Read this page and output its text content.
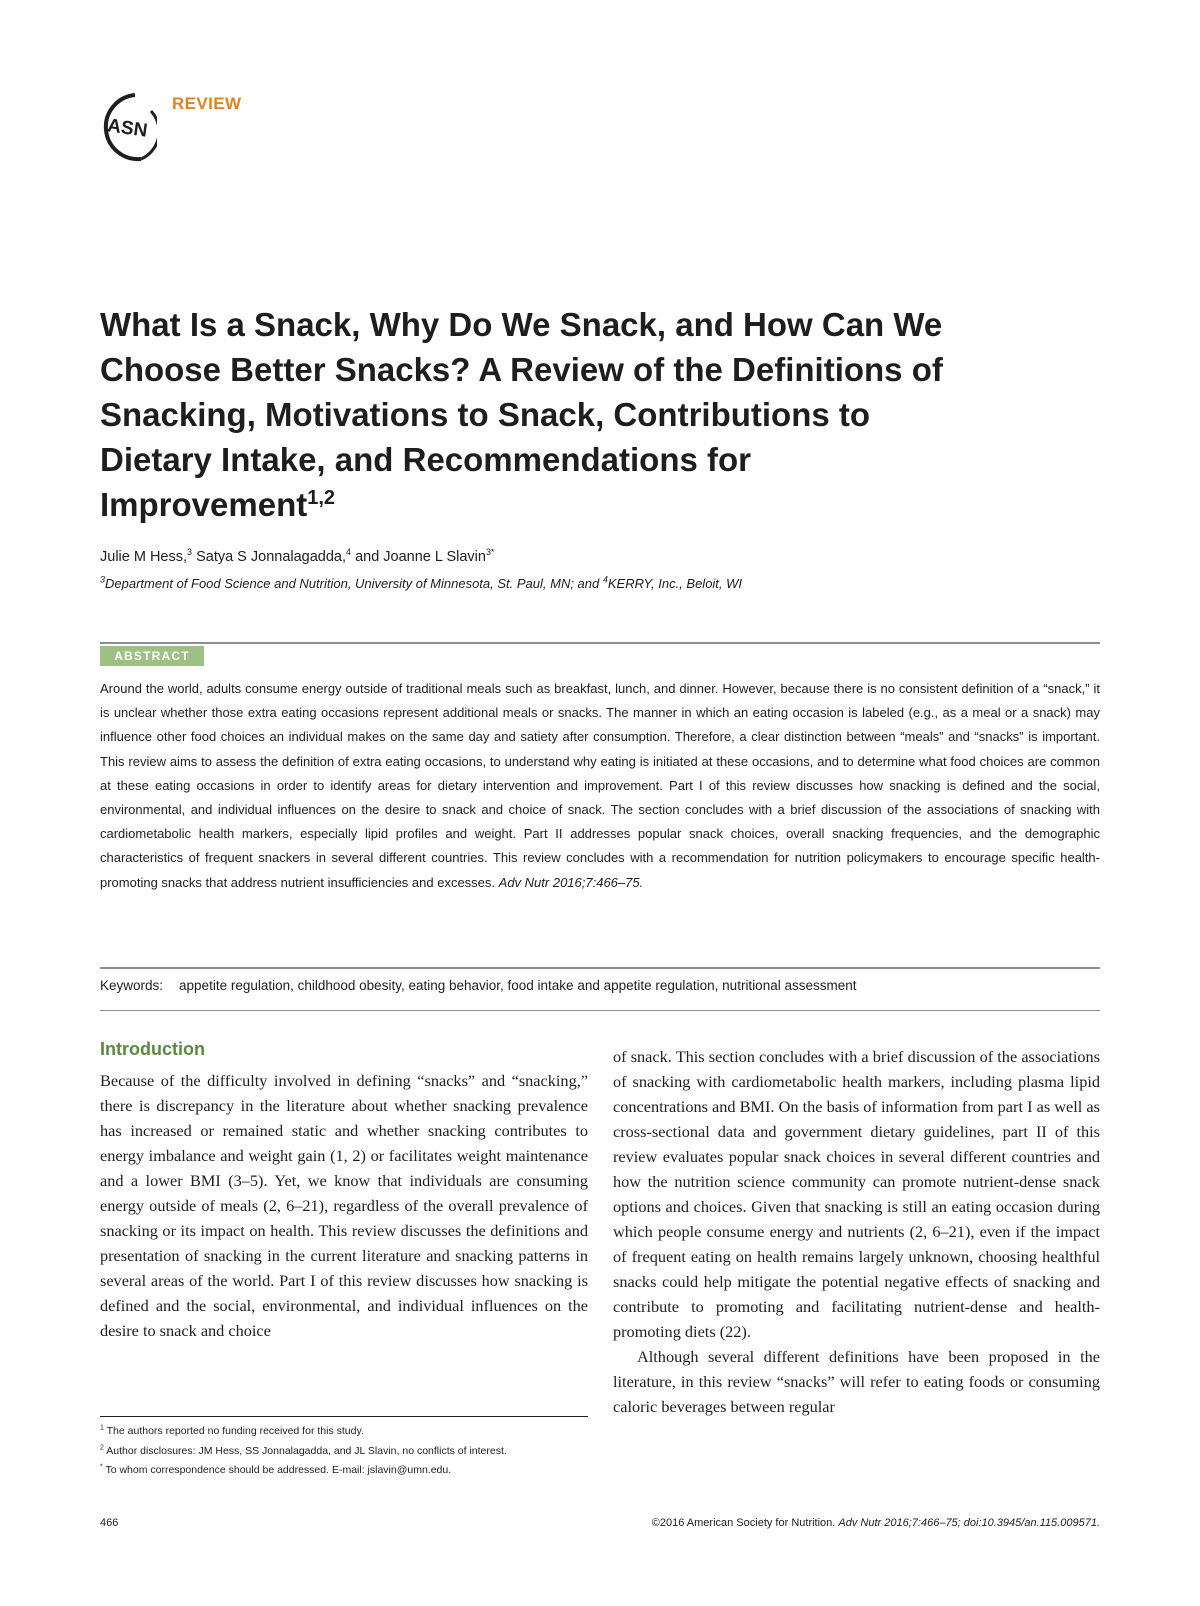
ASN
REVIEW
What Is a Snack, Why Do We Snack, and How Can We Choose Better Snacks? A Review of the Definitions of Snacking, Motivations to Snack, Contributions to Dietary Intake, and Recommendations for Improvement$^{1,2}$
Julie M Hess,$^3$ Satya S Jonnalagadda,$^4$ and Joanne L Slavin$^{3*}$
$^3$Department of Food Science and Nutrition, University of Minnesota, St. Paul, MN; and $^4$KERRY, Inc., Beloit, WI
ABSTRACT
Around the world, adults consume energy outside of traditional meals such as breakfast, lunch, and dinner. However, because there is no consistent definition of a “snack,” it is unclear whether those extra eating occasions represent additional meals or snacks. The manner in which an eating occasion is labeled (e.g., as a meal or a snack) may influence other food choices an individual makes on the same day and satiety after consumption. Therefore, a clear distinction between “meals” and “snacks” is important. This review aims to assess the definition of extra eating occasions, to understand why eating is initiated at these occasions, and to determine what food choices are common at these eating occasions in order to identify areas for dietary intervention and improvement. Part I of this review discusses how snacking is defined and the social, environmental, and individual influences on the desire to snack and choice of snack. The section concludes with a brief discussion of the associations of snacking with cardiometabolic health markers, especially lipid profiles and weight. Part II addresses popular snack choices, overall snacking frequencies, and the demographic characteristics of frequent snackers in several different countries. This review concludes with a recommendation for nutrition policymakers to encourage specific health-promoting snacks that address nutrient insufficiencies and excesses. Adv Nutr 2016;7:466–75.
Keywords: appetite regulation, childhood obesity, eating behavior, food intake and appetite regulation, nutritional assessment
Introduction
Because of the difficulty involved in defining “snacks” and “snacking,” there is discrepancy in the literature about whether snacking prevalence has increased or remained static and whether snacking contributes to energy imbalance and weight gain (1, 2) or facilitates weight maintenance and a lower BMI (3–5). Yet, we know that individuals are consuming energy outside of meals (2, 6–21), regardless of the overall prevalence of snacking or its impact on health. This review discusses the definitions and presentation of snacking in the current literature and snacking patterns in several areas of the world. Part I of this review discusses how snacking is defined and the social, environmental, and individual influences on the desire to snack and choice
of snack. This section concludes with a brief discussion of the associations of snacking with cardiometabolic health markers, including plasma lipid concentrations and BMI. On the basis of information from part I as well as cross-sectional data and government dietary guidelines, part II of this review evaluates popular snack choices in several different countries and how the nutrition science community can promote nutrient-dense snack options and choices. Given that snacking is still an eating occasion during which people consume energy and nutrients (2, 6–21), even if the impact of frequent eating on health remains largely unknown, choosing healthful snacks could help mitigate the potential negative effects of snacking and contribute to promoting and facilitating nutrient-dense and health-promoting diets (22).
Although several different definitions have been proposed in the literature, in this review “snacks” will refer to eating foods or consuming caloric beverages between regular
$^1$ The authors reported no funding received for this study.
$^2$ Author disclosures: JM Hess, SS Jonnalagadda, and JL Slavin, no conflicts of interest.
* To whom correspondence should be addressed. E-mail: jslavin@umn.edu.
466	©2016 American Society for Nutrition. Adv Nutr 2016;7:466–75; doi:10.3945/an.115.009571.
